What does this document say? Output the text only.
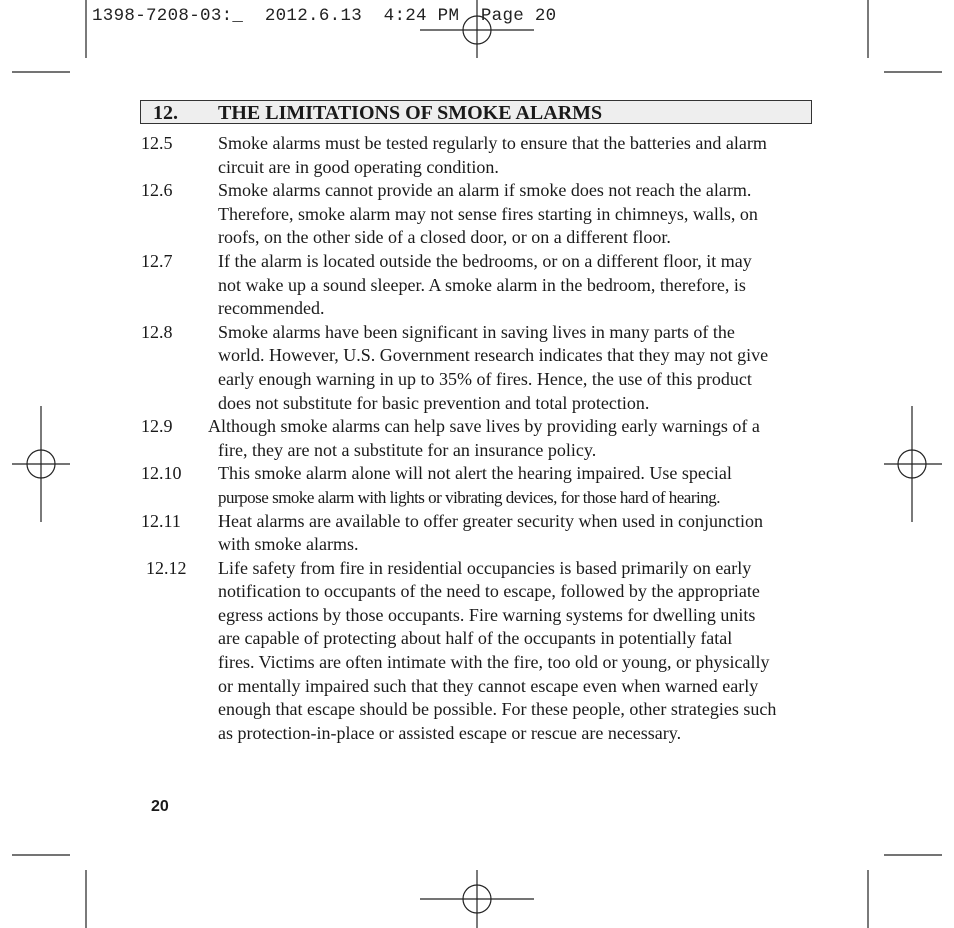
1398-7208-03:_  2012.6.13  4:24 PM  Page 20
12. THE LIMITATIONS OF SMOKE ALARMS
12.5	Smoke alarms must be tested regularly to ensure that the batteries and alarm
circuit are in good operating condition.
12.6	Smoke alarms cannot provide an alarm if smoke does not reach the alarm.
Therefore, smoke alarm may not sense fires starting in chimneys, walls, on
roofs, on the other side of a closed door, or on a different floor.
12.7	If the alarm is located outside the bedrooms, or on a different floor, it may
not wake up a sound sleeper. A smoke alarm in the bedroom, therefore, is
recommended.
12.8	Smoke alarms have been significant in saving lives in many parts of the
world. However, U.S. Government research indicates that they may not give
early enough warning in up to 35% of fires. Hence, the use of this product
does not substitute for basic prevention and total protection.
12.9 Although smoke alarms can help save lives by providing early warnings of a
fire, they are not a substitute for an insurance policy.
12.10 This smoke alarm alone will not alert the hearing impaired. Use special
purpose smoke alarm with lights or vibrating devices, for those hard of hearing.
12.11 Heat alarms are available to offer greater security when used in conjunction
with smoke alarms.
12.12 Life safety from fire in residential occupancies is based primarily on early
notification to occupants of the need to escape, followed by the appropriate
egress actions by those occupants. Fire warning systems for dwelling units
are capable of protecting about half of the occupants in potentially fatal
fires. Victims are often intimate with the fire, too old or young, or physically
or mentally impaired such that they cannot escape even when warned early
enough that escape should be possible. For these people, other strategies such
as protection-in-place or assisted escape or rescue are necessary.
20
